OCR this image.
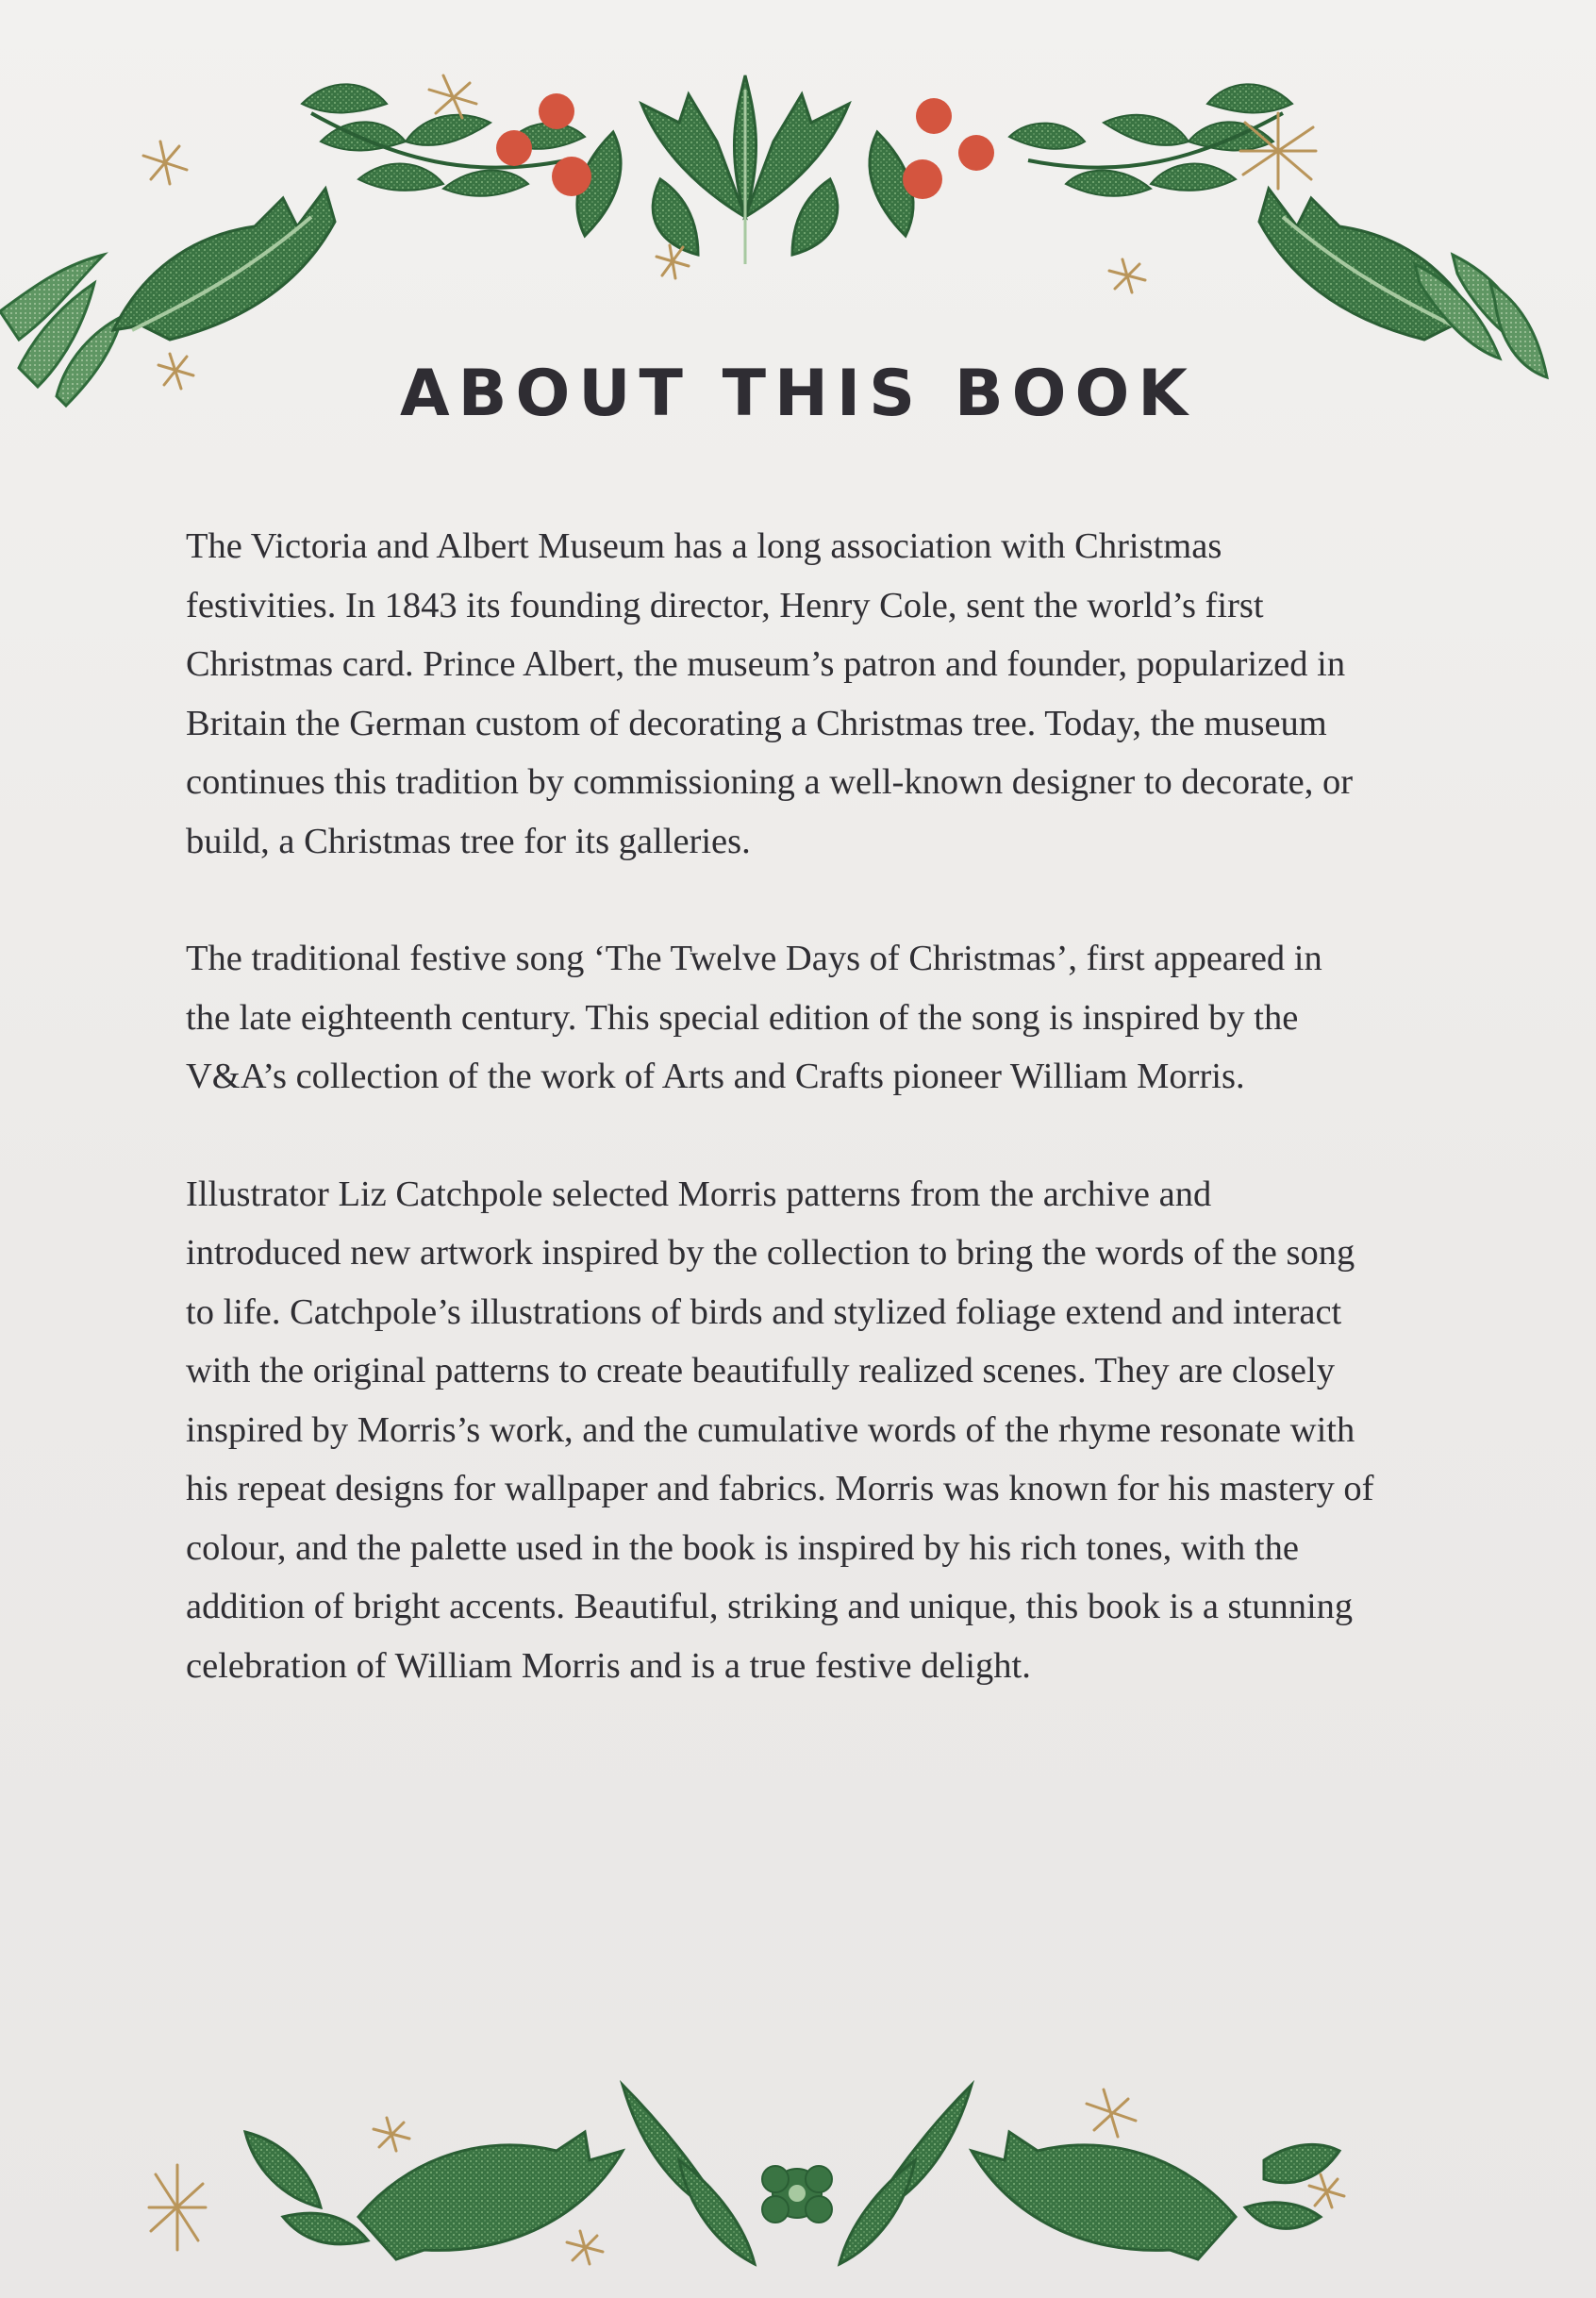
ABOUT THIS BOOK

The Victoria and Albert Museum has a long association with Christmas festivities. In 1843 its founding director, Henry Cole, sent the world’s first Christmas card. Prince Albert, the museum’s patron and founder, popularized in Britain the German custom of decorating a Christmas tree. Today, the museum continues this tradition by commissioning a well-known designer to decorate, or build, a Christmas tree for its galleries.

The traditional festive song ‘The Twelve Days of Christmas’, first appeared in the late eighteenth century. This special edition of the song is inspired by the V&A’s collection of the work of Arts and Crafts pioneer William Morris.

Illustrator Liz Catchpole selected Morris patterns from the archive and introduced new artwork inspired by the collection to bring the words of the song to life. Catchpole’s illustrations of birds and stylized foliage extend and interact with the original patterns to create beautifully realized scenes. They are closely inspired by Morris’s work, and the cumulative words of the rhyme resonate with his repeat designs for wallpaper and fabrics. Morris was known for his mastery of colour, and the palette used in the book is inspired by his rich tones, with the addition of bright accents. Beautiful, striking and unique, this book is a stunning celebration of William Morris and is a true festive delight.
